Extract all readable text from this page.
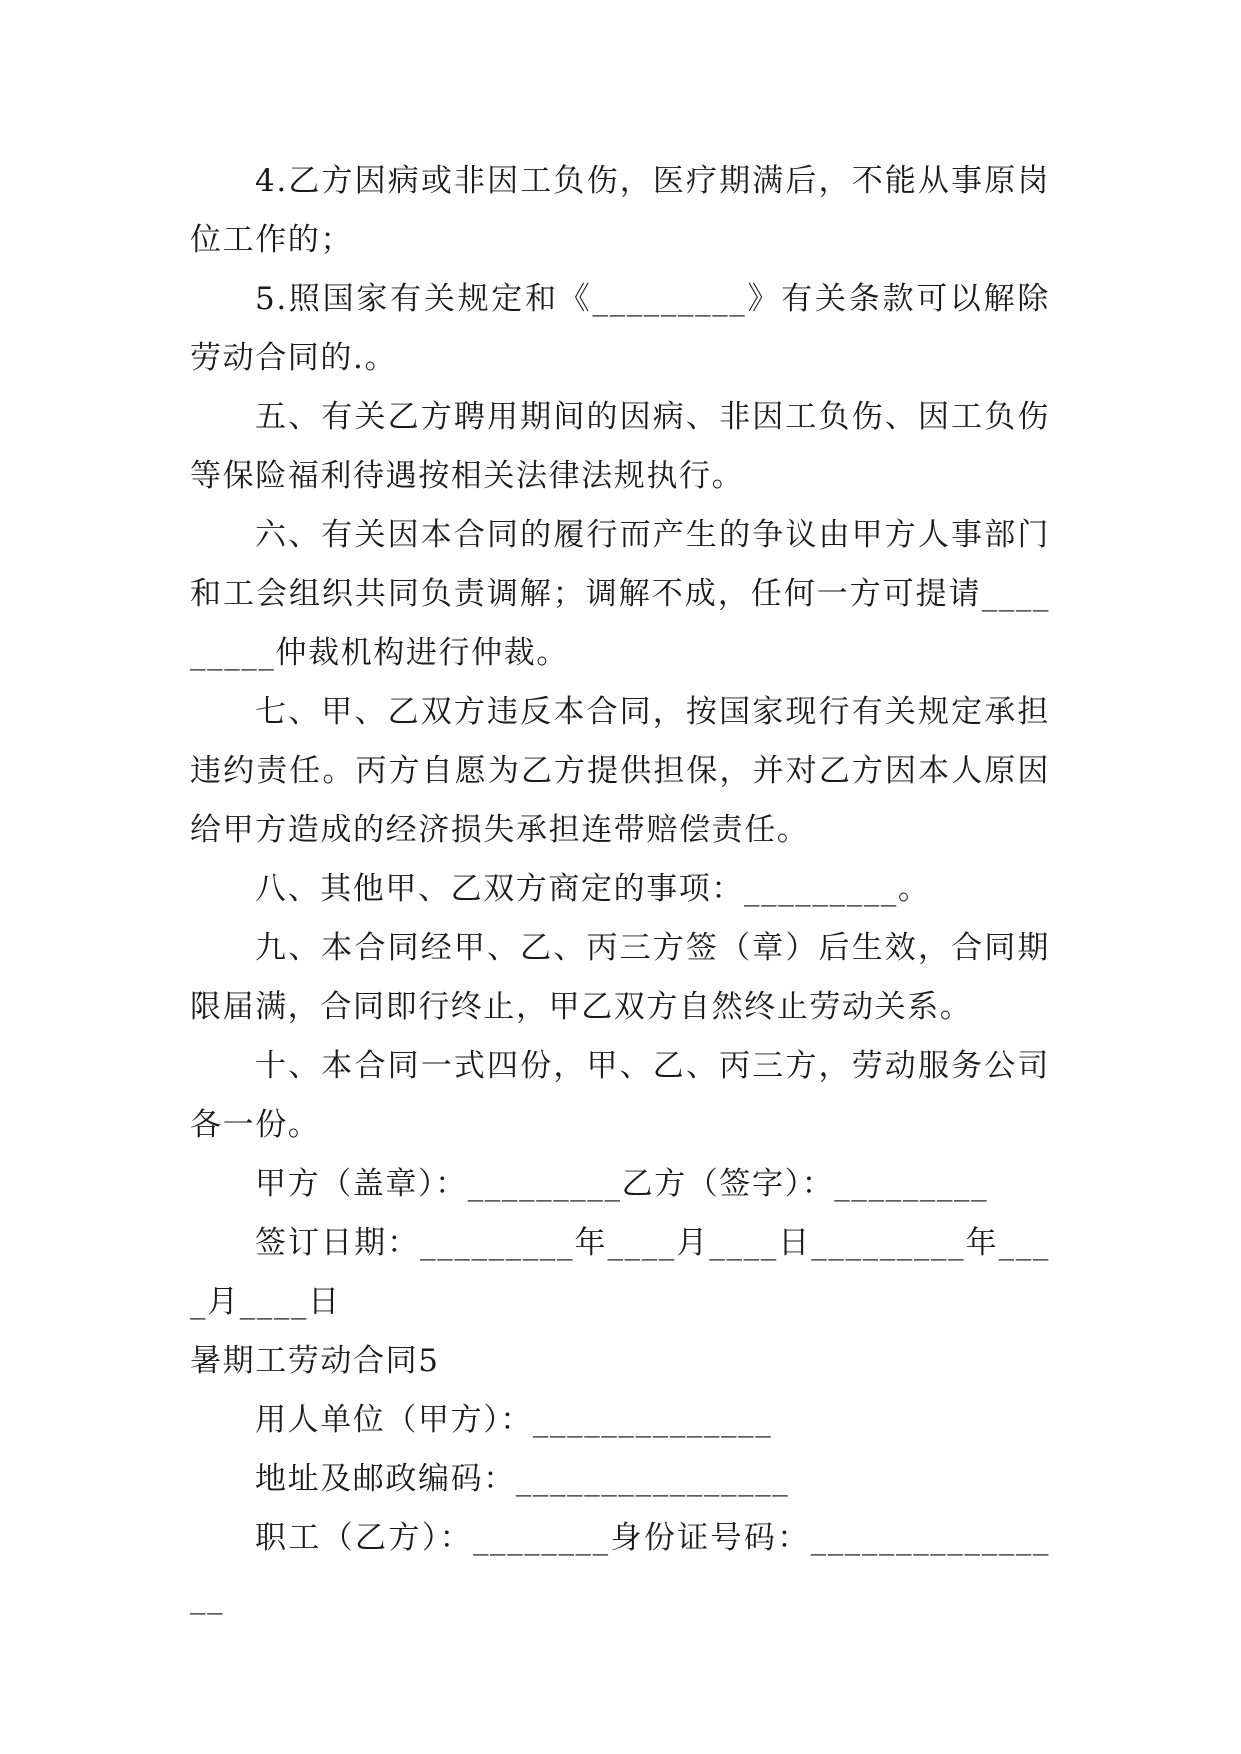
4.乙方因病或非因工负伤，医疗期满后，不能从事原岗位工作的；

5.照国家有关规定和《_________》有关条款可以解除劳动合同的.。

五、有关乙方聘用期间的因病、非因工负伤、因工负伤等保险福利待遇按相关法律法规执行。

六、有关因本合同的履行而产生的争议由甲方人事部门和工会组织共同负责调解；调解不成，任何一方可提请_________仲裁机构进行仲裁。

七、甲、乙双方违反本合同，按国家现行有关规定承担违约责任。丙方自愿为乙方提供担保，并对乙方因本人原因给甲方造成的经济损失承担连带赔偿责任。

八、其他甲、乙双方商定的事项：_________。

九、本合同经甲、乙、丙三方签（章）后生效，合同期限届满，合同即行终止，甲乙双方自然终止劳动关系。

十、本合同一式四份，甲、乙、丙三方，劳动服务公司各一份。

甲方（盖章）：_________乙方（签字）：_________

签订日期：_________年____月____日_________年____月____日

暑期工劳动合同5

用人单位（甲方）：______________

地址及邮政编码：________________

职工（乙方）：________身份证号码：________________
